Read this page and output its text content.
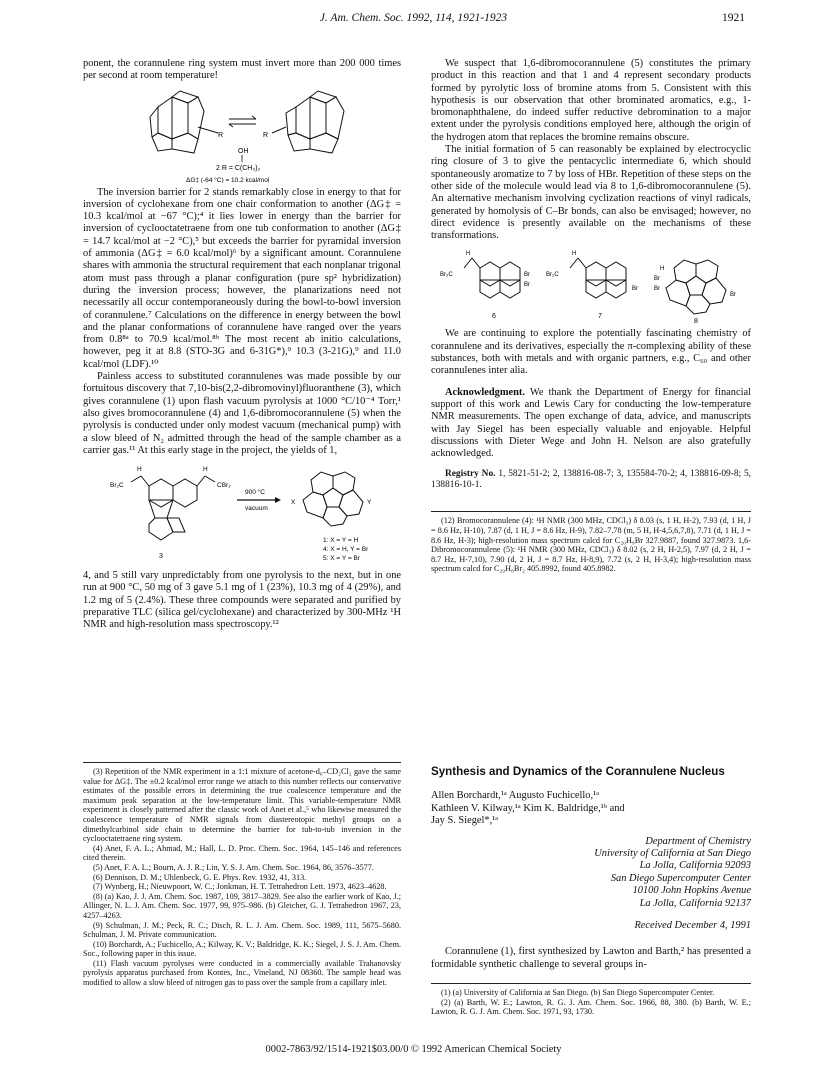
J. Am. Chem. Soc. 1992, 114, 1921-1923	1921

ponent, the corannulene ring system must invert more than 200 000 times per second at room temperature!

R	R
OH
2 R = C(CH₃)₂
ΔG‡ (-64 °C) = 10.2 kcal/mol

The inversion barrier for 2 stands remarkably close in energy to that for inversion of cyclohexane from one chair conformation to another (ΔG‡ = 10.3 kcal/mol at −67 °C);⁴ it lies lower in energy than the barrier for inversion of cyclooctatetraene from one tub conformation to another (ΔG‡ = 14.7 kcal/mol at −2 °C),⁵ but exceeds the barrier for pyramidal inversion of ammonia (ΔG‡ = 6.0 kcal/mol)⁶ by a significant amount. Corannulene shares with ammonia the structural requirement that each nonplanar trigonal atom must pass through a planar configuration (pure sp² hybridization) during the inversion process; however, the planarizations need not necessarily all occur contemporaneously during the bowl-to-bowl inversion of corannulene.⁷ Calculations on the difference in energy between the bowl and the planar conformations of corannulene have ranged over the years from 0.8⁸ᵃ to 70.9 kcal/mol.⁸ᵇ The most recent ab initio calculations, however, peg it at 8.8 (STO-3G and 6-31G*),⁹ 10.3 (3-21G),⁹ and 11.0 kcal/mol (LDF).¹⁰

Painless access to substituted corannulenes was made possible by our fortuitous discovery that 7,10-bis(2,2-dibromovinyl)fluoranthene (3), which gives corannulene (1) upon flash vacuum pyrolysis at 1000 °C/10⁻⁴ Torr,¹ also gives bromocorannulene (4) and 1,6-dibromocorannulene (5) when the pyrolysis is conducted under only modest vacuum (mechanical pump) with a slow bleed of N₂ admitted through the head of the sample chamber as a carrier gas.¹¹ At this early stage in the project, the yields of 1,

Br₂C	CBr₂
H	H
3
900 °C
vacuum
X	Y
1: X = Y = H
4: X = H, Y = Br
5: X = Y = Br

4, and 5 still vary unpredictably from one pyrolysis to the next, but in one run at 900 °C, 50 mg of 3 gave 5.1 mg of 1 (23%), 10.3 mg of 4 (29%), and 1.2 mg of 5 (2.4%). These three compounds were separated and purified by preparative TLC (silica gel/cyclohexane) and characterized by 300-MHz ¹H NMR and high-resolution mass spectroscopy.¹²

(3) Repetition of the NMR experiment in a 1:1 mixture of acetone-d₆–CD₂Cl₂ gave the same value for ΔG‡. The ±0.2 kcal/mol error range we attach to this number reflects our conservative estimates of the possible errors in determining the true coalescence temperature and the maximum peak separation at the low-temperature limit. This variable-temperature NMR experiment is closely patterned after the classic work of Anet et al.,⁵ who likewise measured the coalescence temperature of NMR signals from diastereotopic methyl groups on a dimethylcarbinol side chain to determine the barrier for tub-to-tub inversion in the cyclooctatetraene ring system.

(4) Anet, F. A. L.; Ahmad, M.; Hall, L. D. Proc. Chem. Soc. 1964, 145–146 and references cited therein.

(5) Anet, F. A. L.; Bourn, A. J. R.; Lin, Y. S. J. Am. Chem. Soc. 1964, 86, 3576–3577.

(6) Dennison, D. M.; Uhlenbeck, G. E. Phys. Rev. 1932, 41, 313.

(7) Wynberg, H.; Nieuwpoort, W. C.; Jonkman, H. T. Tetrahedron Lett. 1973, 4623–4628.

(8) (a) Kao, J. J. Am. Chem. Soc. 1987, 109, 3817–3829. See also the earlier work of Kao, J.; Allinger, N. L. J. Am. Chem. Soc. 1977, 99, 975–986. (b) Gleicher, G. J. Tetrahedron 1967, 23, 4257–4263.

(9) Schulman, J. M.; Peck, R. C.; Disch, R. L. J. Am. Chem. Soc. 1989, 111, 5675–5680. Schulman, J. M. Private communication.

(10) Borchardt, A.; Fuchicello, A.; Kilway, K. V.; Baldridge, K. K.; Siegel, J. S. J. Am. Chem. Soc., following paper in this issue.

(11) Flash vacuum pyrolyses were conducted in a commercially available Trahanovsky pyrolysis apparatus purchased from Kontes, Inc., Vineland, NJ 08360. The sample head was modified to allow a slow bleed of nitrogen gas to pass over the sample from a capillary inlet.

We suspect that 1,6-dibromocorannulene (5) constitutes the primary product in this reaction and that 1 and 4 represent secondary products formed by pyrolytic loss of bromine atoms from 5. Consistent with this hypothesis is our observation that other brominated aromatics, e.g., 1-bromonaphthalene, do indeed suffer reductive debromination to a major extent under the pyrolysis conditions employed here, although the origin of the hydrogen atom that replaces the bromine remains obscure.

The initial formation of 5 can reasonably be explained by electrocyclic ring closure of 3 to give the pentacyclic intermediate 6, which should spontaneously aromatize to 7 by loss of HBr. Repetition of these steps on the other side of the molecule would lead via 8 to 1,6-dibromocorannulene (5). An alternative mechanism involving cyclization reactions of vinyl radicals, generated by homolysis of C–Br bonds, can also be envisaged; however, no direct evidence is presently available on the mechanisms of these transformations.

H
Br₂C	Br
Br
6
H
Br₂C
Br
7
Br
Br
H
Br
8

We are continuing to explore the potentially fascinating chemistry of corannulene and its derivatives, especially the π-complexing ability of these substances, both with metals and with organic partners, e.g., C₆₀ and other corannulenes inter alia.

Acknowledgment. We thank the Department of Energy for financial support of this work and Lewis Cary for conducting the low-temperature NMR measurements. The open exchange of data, advice, and manuscripts with Jay Siegel has been especially valuable and enjoyable. Helpful discussions with Dieter Wege and John H. Nelson are also gratefully acknowledged.

Registry No. 1, 5821-51-2; 2, 138816-08-7; 3, 135584-70-2; 4, 138816-09-8; 5, 138816-10-1.

(12) Bromocorannulene (4): ¹H NMR (300 MHz, CDCl₃) δ 8.03 (s, 1 H, H-2), 7.93 (d, 1 H, J = 8.6 Hz, H-10), 7.87 (d, 1 H, J = 8.6 Hz, H-9), 7.82–7.78 (m, 5 H, H-4,5,6,7,8), 7.71 (d, 1 H, J = 8.6 Hz, H-3); high-resolution mass spectrum calcd for C₂₀H₉Br 327.9887, found 327.9873. 1,6-Dibromocorannulene (5): ¹H NMR (300 MHz, CDCl₃) δ 8.02 (s, 2 H, H-2,5), 7.97 (d, 2 H, J = 8.7 Hz, H-7,10), 7.90 (d, 2 H, J = 8.7 Hz, H-8,9), 7.72 (s, 2 H, H-3,4); high-resolution mass spectrum calcd for C₂₀H₈Br₂ 405.8992, found 405.8982.

Synthesis and Dynamics of the Corannulene Nucleus
Allen Borchardt,¹ᵃ Augusto Fuchicello,¹ᵃ
Kathleen V. Kilway,¹ᵃ Kim K. Baldridge,¹ᵇ and
Jay S. Siegel*,¹ᵃ
Department of Chemistry
University of California at San Diego
La Jolla, California 92093
San Diego Supercomputer Center
10100 John Hopkins Avenue
La Jolla, California 92137
Received December 4, 1991

Corannulene (1), first synthesized by Lawton and Barth,² has presented a formidable synthetic challenge to several groups in-

(1) (a) University of California at San Diego. (b) San Diego Supercomputer Center.

(2) (a) Barth, W. E.; Lawton, R. G. J. Am. Chem. Soc. 1966, 88, 380. (b) Barth, W. E.; Lawton, R. G. J. Am. Chem. Soc. 1971, 93, 1730.

0002-7863/92/1514-1921$03.00/0 © 1992 American Chemical Society
